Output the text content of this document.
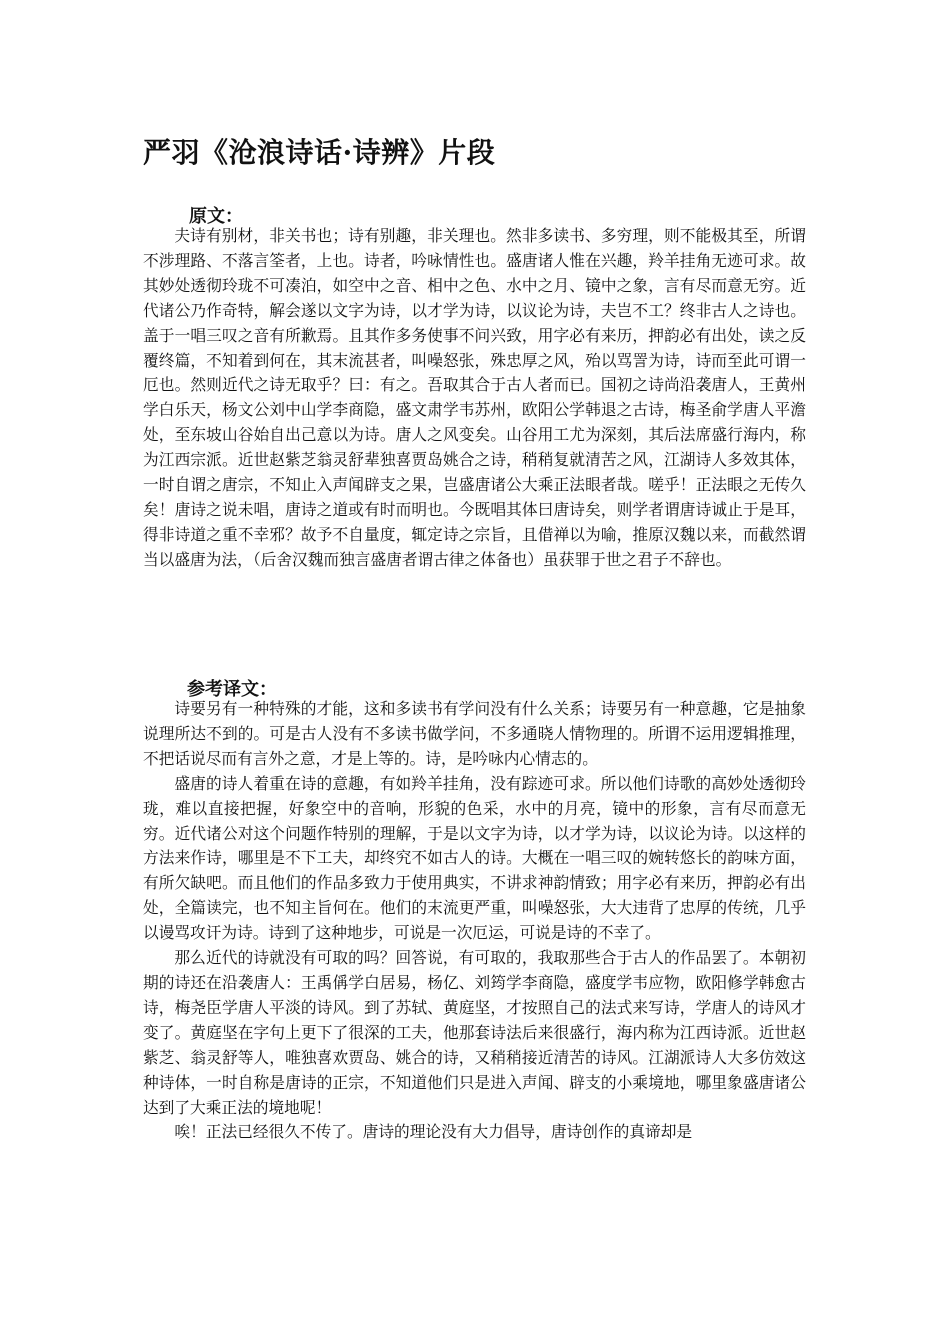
严羽《沧浪诗话·诗辨》片段
原文：

夫诗有别材，非关书也；诗有别趣，非关理也。然非多读书、多穷理，则不能极其至，所谓不涉理路、不落言筌者，上也。诗者，吟咏情性也。盛唐诸人惟在兴趣，羚羊挂角无迹可求。故其妙处透彻玲珑不可凑泊，如空中之音、相中之色、水中之月、镜中之象，言有尽而意无穷。近代诸公乃作奇特，解会遂以文字为诗，以才学为诗，以议论为诗，夫岂不工？终非古人之诗也。盖于一唱三叹之音有所歉焉。且其作多务使事不问兴致，用字必有来历，押韵必有出处，读之反覆终篇，不知着到何在，其末流甚者，叫噪怒张，殊忠厚之风，殆以骂詈为诗，诗而至此可谓一厄也。然则近代之诗无取乎？曰：有之。吾取其合于古人者而已。国初之诗尚沿袭唐人，王黄州学白乐天，杨文公刘中山学李商隐，盛文肃学韦苏州，欧阳公学韩退之古诗，梅圣俞学唐人平澹处，至东坡山谷始自出己意以为诗。唐人之风变矣。山谷用工尤为深刻，其后法席盛行海内，称为江西宗派。近世赵紫芝翁灵舒辈独喜贾岛姚合之诗，稍稍复就清苦之风，江湖诗人多效其体，一时自谓之唐宗，不知止入声闻辟支之果，岂盛唐诸公大乘正法眼者哉。嗟乎！正法眼之无传久矣！唐诗之说未唱，唐诗之道或有时而明也。今既唱其体曰唐诗矣，则学者谓唐诗诚止于是耳，得非诗道之重不幸邪？故予不自量度，辄定诗之宗旨，且借禅以为喻，推原汉魏以来，而截然谓当以盛唐为法，（后舍汉魏而独言盛唐者谓古律之体备也）虽获罪于世之君子不辞也。

参考译文：

诗要另有一种特殊的才能，这和多读书有学问没有什么关系；诗要另有一种意趣，它是抽象说理所达不到的。可是古人没有不多读书做学问，不多通晓人情物理的。所谓不运用逻辑推理，不把话说尽而有言外之意，才是上等的。诗，是吟咏内心情志的。

盛唐的诗人着重在诗的意趣，有如羚羊挂角，没有踪迹可求。所以他们诗歌的高妙处透彻玲珑，难以直接把握，好象空中的音响，形貌的色采，水中的月亮，镜中的形象，言有尽而意无穷。近代诸公对这个问题作特别的理解，于是以文字为诗，以才学为诗，以议论为诗。以这样的方法来作诗，哪里是不下工夫，却终究不如古人的诗。大概在一唱三叹的婉转悠长的韵味方面，有所欠缺吧。而且他们的作品多致力于使用典实，不讲求神韵情致；用字必有来历，押韵必有出处，全篇读完，也不知主旨何在。他们的末流更严重，叫噪怒张，大大违背了忠厚的传统，几乎以谩骂攻讦为诗。诗到了这种地步，可说是一次厄运，可说是诗的不幸了。

那么近代的诗就没有可取的吗？回答说，有可取的，我取那些合于古人的作品罢了。本朝初期的诗还在沿袭唐人：王禹偁学白居易，杨亿、刘筠学李商隐，盛度学韦应物，欧阳修学韩愈古诗，梅尧臣学唐人平淡的诗风。到了苏轼、黄庭坚，才按照自己的法式来写诗，学唐人的诗风才变了。黄庭坚在字句上更下了很深的工夫，他那套诗法后来很盛行，海内称为江西诗派。近世赵紫芝、翁灵舒等人，唯独喜欢贾岛、姚合的诗，又稍稍接近清苦的诗风。江湖派诗人大多仿效这种诗体，一时自称是唐诗的正宗，不知道他们只是进入声闻、辟支的小乘境地，哪里象盛唐诸公达到了大乘正法的境地呢！

唉！正法已经很久不传了。唐诗的理论没有大力倡导，唐诗创作的真谛却是
